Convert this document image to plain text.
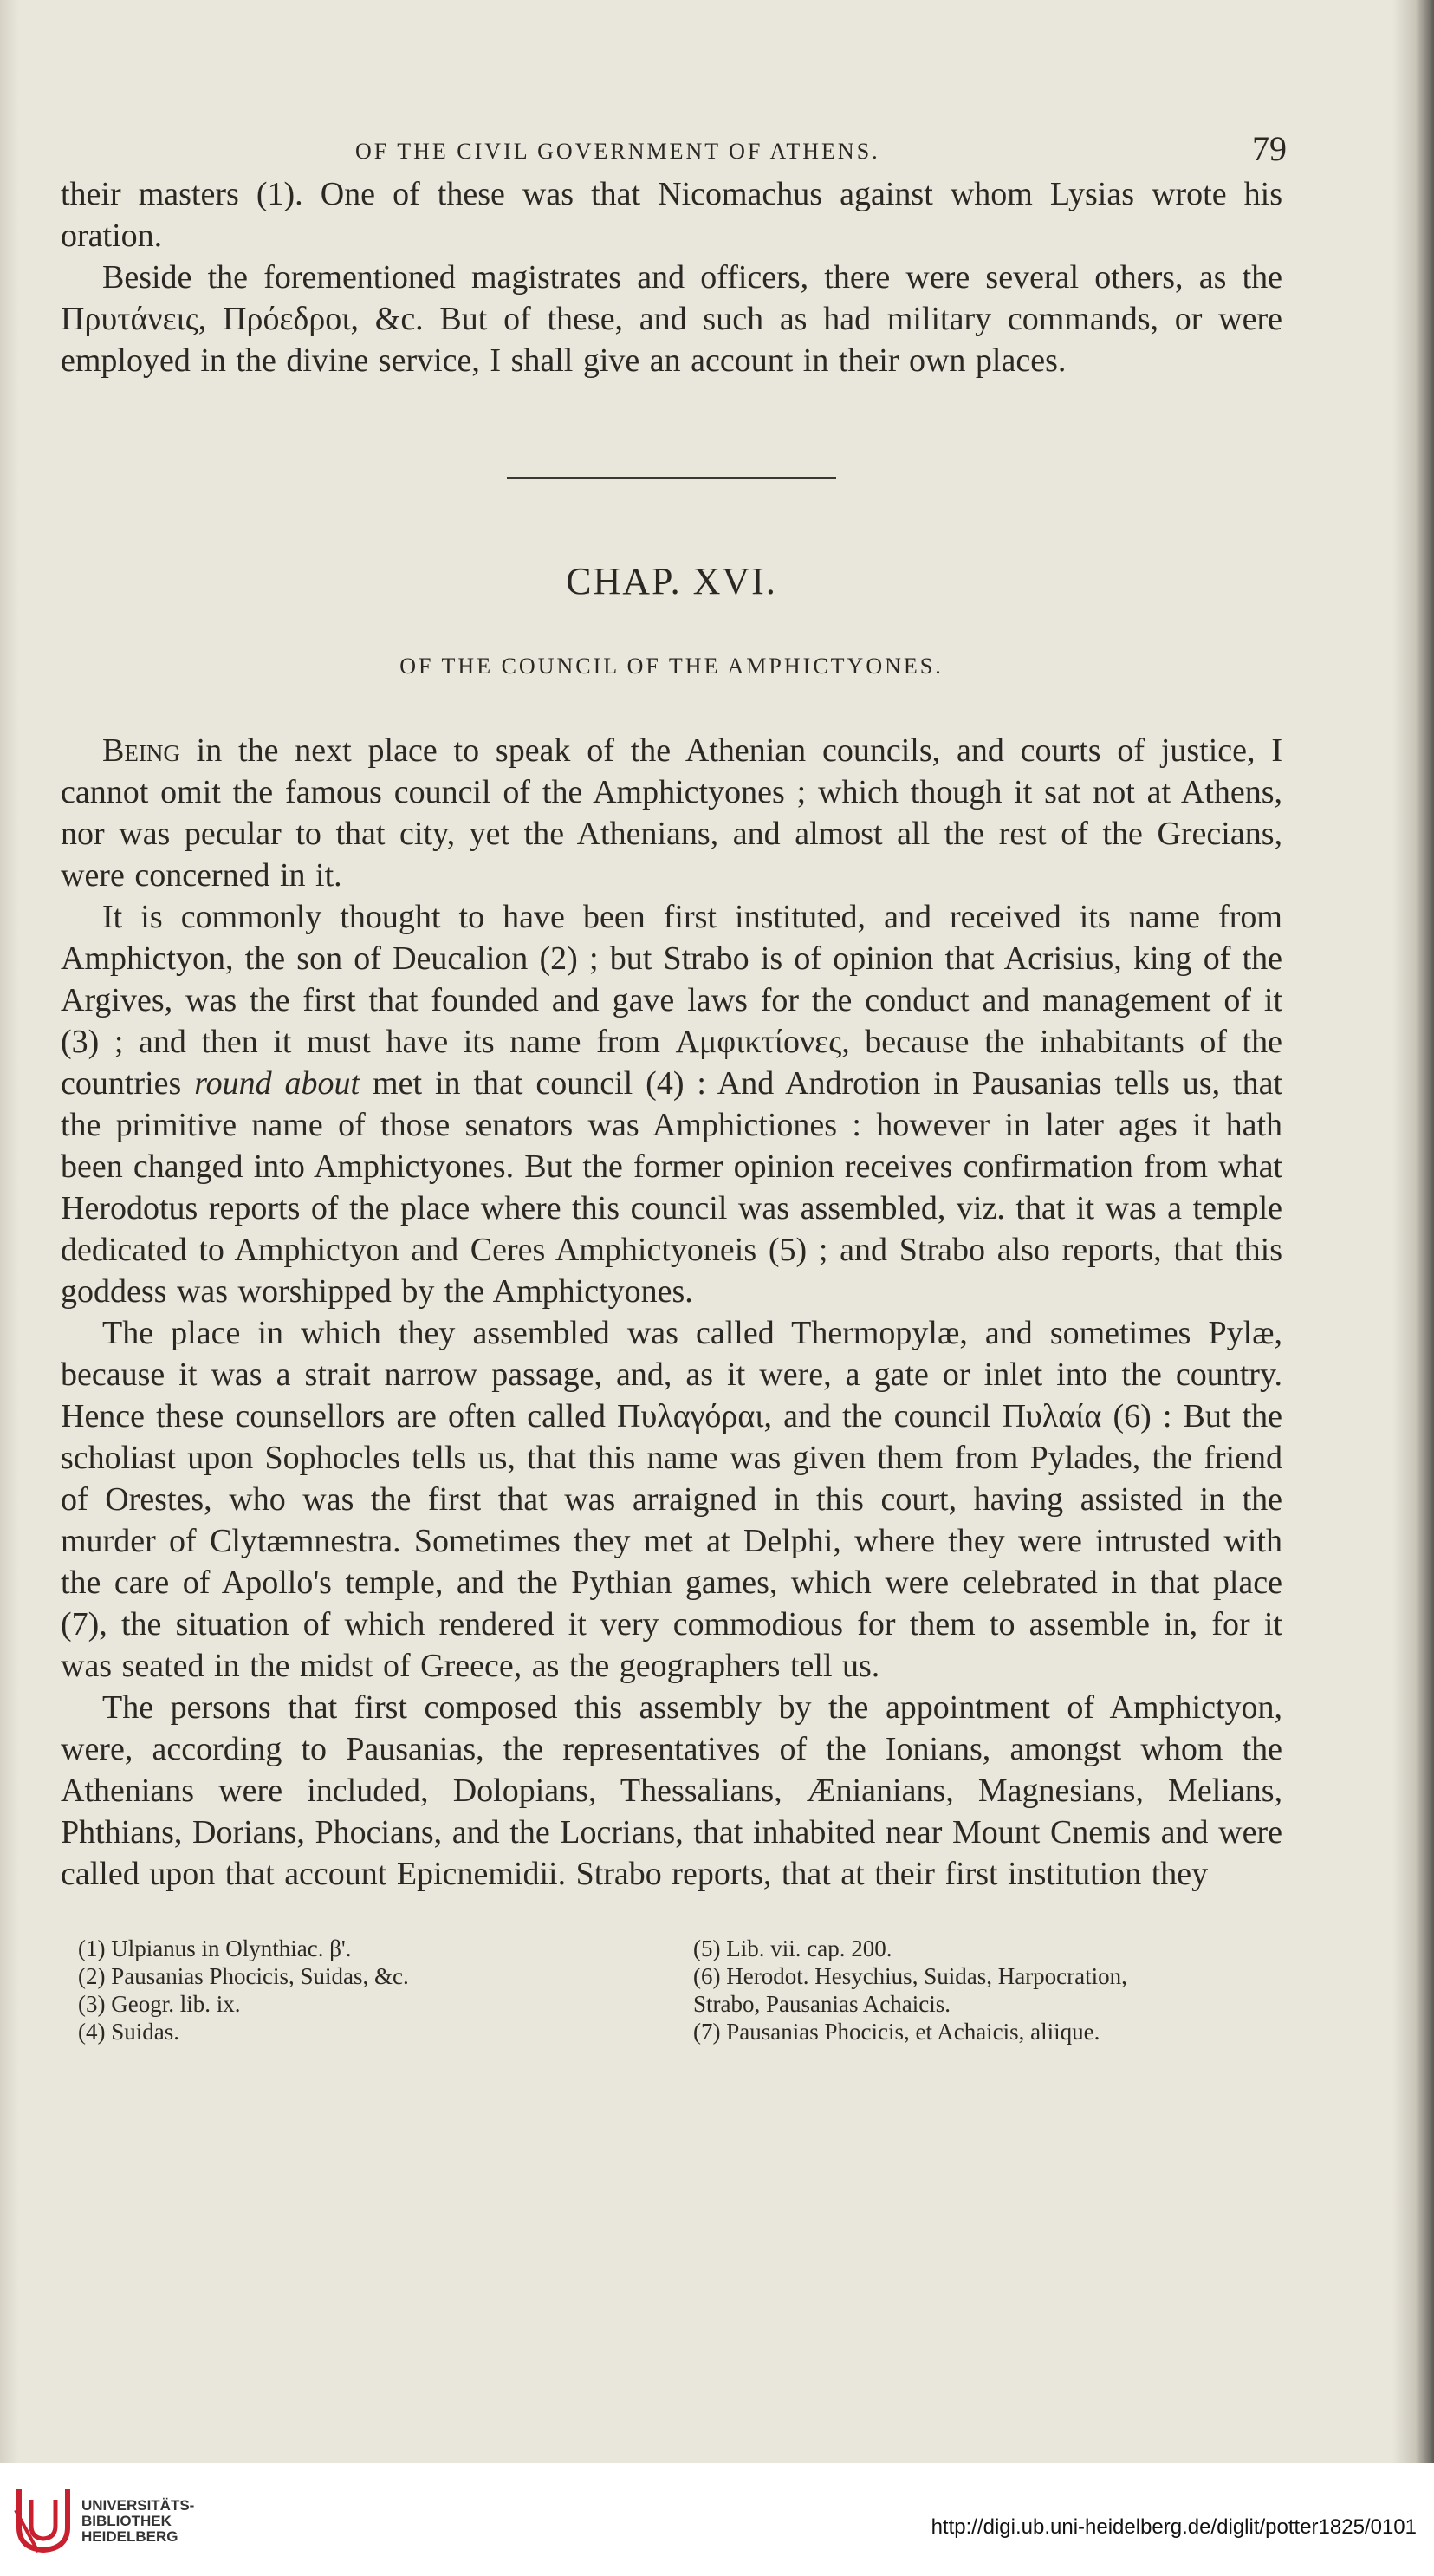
OF THE CIVIL GOVERNMENT OF ATHENS.	79

their masters (1). One of these was that Nicomachus against whom Lysias wrote his oration.

Beside the forementioned magistrates and officers, there were several others, as the Πρυτάνεις, Πρόεδροι, &c. But of these, and such as had military commands, or were employed in the divine service, I shall give an account in their own places.

CHAP. XVI.
OF THE COUNCIL OF THE AMPHICTYONES.

Being in the next place to speak of the Athenian councils, and courts of justice, I cannot omit the famous council of the Amphictyones ; which though it sat not at Athens, nor was pecular to that city, yet the Athenians, and almost all the rest of the Grecians, were concerned in it.

It is commonly thought to have been first instituted, and received its name from Amphictyon, the son of Deucalion (2) ; but Strabo is of opinion that Acrisius, king of the Argives, was the first that founded and gave laws for the conduct and management of it (3) ; and then it must have its name from Αμφικτίονες, because the inhabitants of the countries round about met in that council (4) : And Androtion in Pausanias tells us, that the primitive name of those senators was Amphictiones : however in later ages it hath been changed into Amphictyones. But the former opinion receives confirmation from what Herodotus reports of the place where this council was assembled, viz. that it was a temple dedicated to Amphictyon and Ceres Amphictyoneis (5) ; and Strabo also reports, that this goddess was worshipped by the Amphictyones.

The place in which they assembled was called Thermopylæ, and sometimes Pylæ, because it was a strait narrow passage, and, as it were, a gate or inlet into the country. Hence these counsellors are often called Πυλαγόραι, and the council Πυλαία (6) : But the scholiast upon Sophocles tells us, that this name was given them from Pylades, the friend of Orestes, who was the first that was arraigned in this court, having assisted in the murder of Clytæmnestra. Sometimes they met at Delphi, where they were intrusted with the care of Apollo's temple, and the Pythian games, which were celebrated in that place (7), the situation of which rendered it very commodious for them to assemble in, for it was seated in the midst of Greece, as the geographers tell us.

The persons that first composed this assembly by the appointment of Amphictyon, were, according to Pausanias, the representatives of the Ionians, amongst whom the Athenians were included, Dolopians, Thessalians, Ænianians, Magnesians, Melians, Phthians, Dorians, Phocians, and the Locrians, that inhabited near Mount Cnemis and were called upon that account Epicnemidii. Strabo reports, that at their first institution they

(1) Ulpianus in Olynthiac. β'.
(2) Pausanias Phocicis, Suidas, &c.
(3) Geogr. lib. ix.
(4) Suidas.
(5) Lib. vii. cap. 200.
(6) Herodot. Hesychius, Suidas, Harpocration,
Strabo, Pausanias Achaicis.
(7) Pausanias Phocicis, et Achaicis, aliique.
UNIVERSITÄTS-
BIBLIOTHEK
HEIDELBERG	http://digi.ub.uni-heidelberg.de/diglit/potter1825/0101
